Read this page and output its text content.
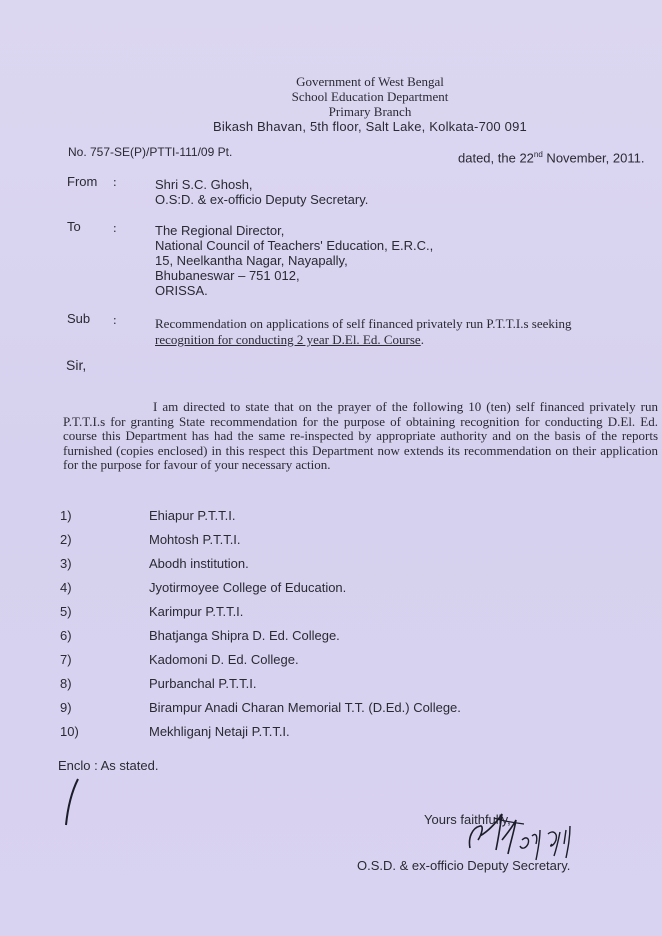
Government of West Bengal
School Education Department
Primary Branch
Bikash Bhavan, 5th floor, Salt Lake, Kolkata-700 091
No. 757-SE(P)/PTTI-111/09 Pt.	dated, the 22nd November, 2011.
From :	Shri S.C. Ghosh,
O.S:D. & ex-officio Deputy Secretary.
To :	The Regional Director,
National Council of Teachers' Education, E.R.C.,
15, Neelkantha Nagar, Nayapally,
Bhubaneswar – 751 012,
ORISSA.
Sub :	Recommendation on applications of self financed privately run P.T.T.I.s seeking
recognition for conducting 2 year D.El. Ed. Course.
Sir,
I am directed to state that on the prayer of the following 10 (ten) self financed privately run P.T.T.I.s for granting State recommendation for the purpose of obtaining recognition for conducting D.El. Ed. course this Department has had the same re-inspected by appropriate authority and on the basis of the reports furnished (copies enclosed) in this respect this Department now extends its recommendation on their application for the purpose for favour of your necessary action.
1)	Ehiapur P.T.T.I.
2)	Mohtosh P.T.T.I.
3)	Abodh institution.
4)	Jyotirmoyee College of Education.
5)	Karimpur P.T.T.I.
6)	Bhatjanga Shipra D. Ed. College.
7)	Kadomoni D. Ed. College.
8)	Purbanchal P.T.T.I.
9)	Birampur Anadi Charan Memorial T.T. (D.Ed.) College.
10)	Mekhliganj Netaji P.T.T.I.
Enclo : As stated.
Yours faithfully,
O.S.D. & ex-officio Deputy Secretary.
